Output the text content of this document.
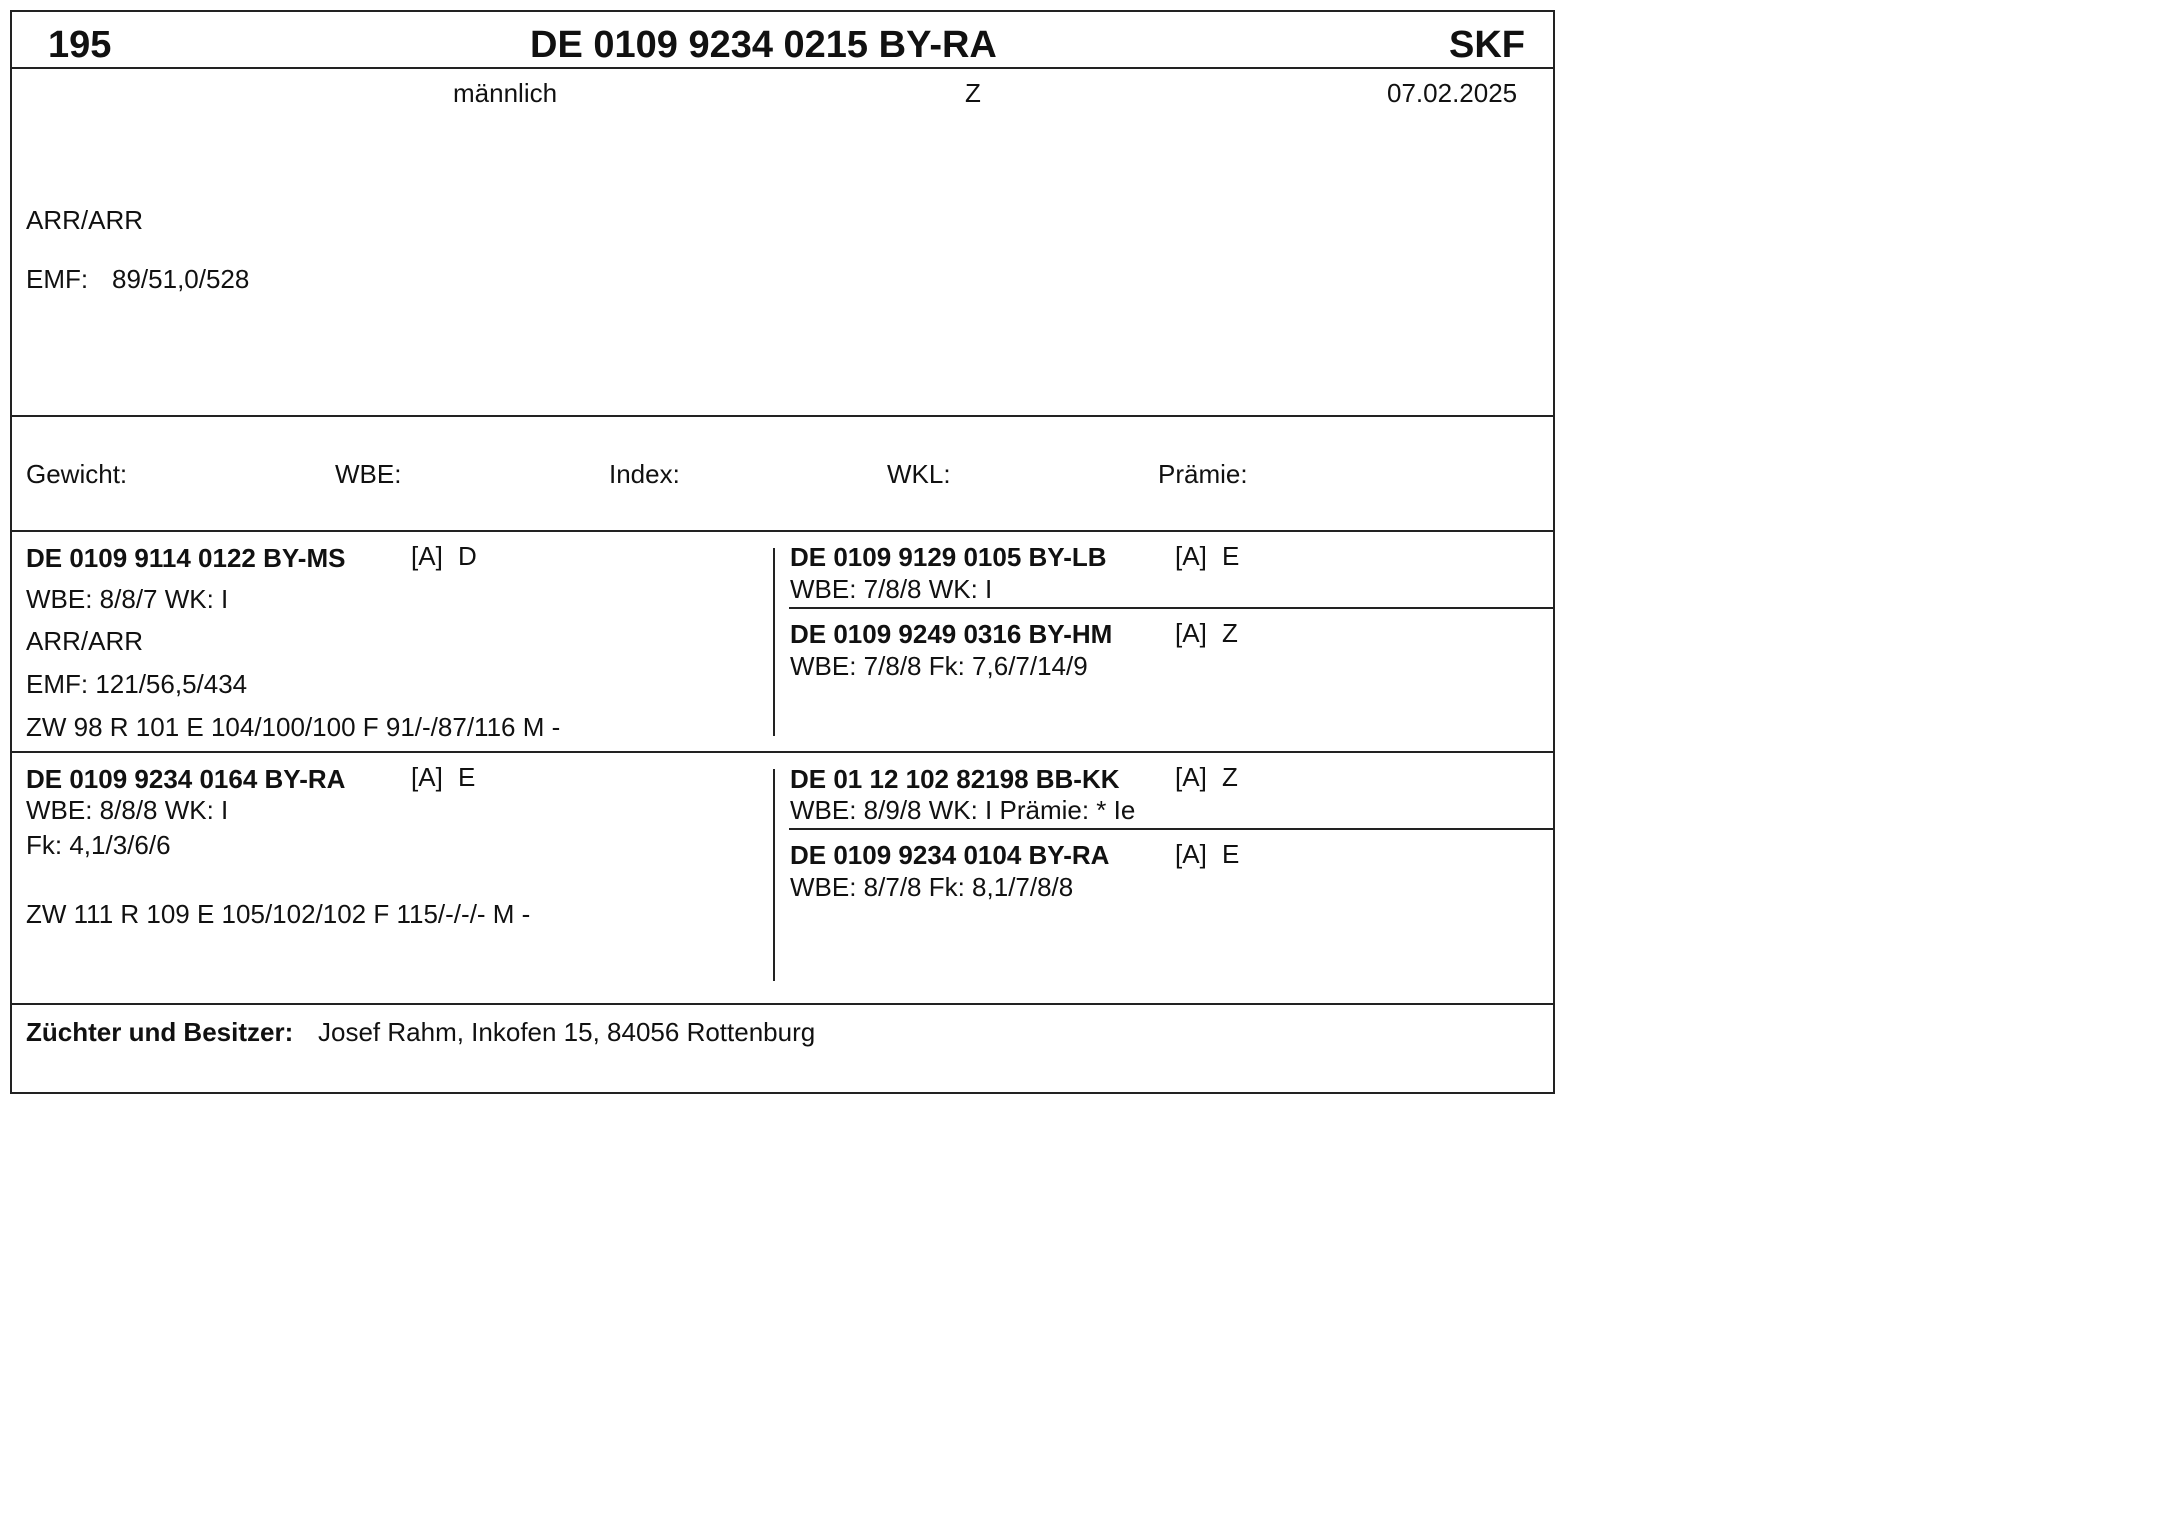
195	DE 0109 9234 0215 BY-RA	SKF
männlich	Z	07.02.2025
ARR/ARR
EMF: 89/51,0/528
Gewicht:	WBE:	Index:	WKL:	Prämie:
DE 0109 9114 0122 BY-MS	[A] D
WBE: 8/8/7 WK: I
ARR/ARR
EMF: 121/56,5/434
ZW 98 R 101 E 104/100/100 F 91/-/87/116 M -
DE 0109 9129 0105 BY-LB	[A] E
WBE: 7/8/8 WK: I
DE 0109 9249 0316 BY-HM [A] Z
WBE: 7/8/8 Fk: 7,6/7/14/9
DE 0109 9234 0164 BY-RA	[A] E
WBE: 8/8/8 WK: I
Fk: 4,1/3/6/6
ZW 111 R 109 E 105/102/102 F 115/-/-/- M -
DE 01 12 102 82198 BB-KK [A] Z
WBE: 8/9/8 WK: I Prämie: * Ie
DE 0109 9234 0104 BY-RA	[A] E
WBE: 8/7/8 Fk: 8,1/7/8/8
Züchter und Besitzer: Josef Rahm, Inkofen 15, 84056 Rottenburg
